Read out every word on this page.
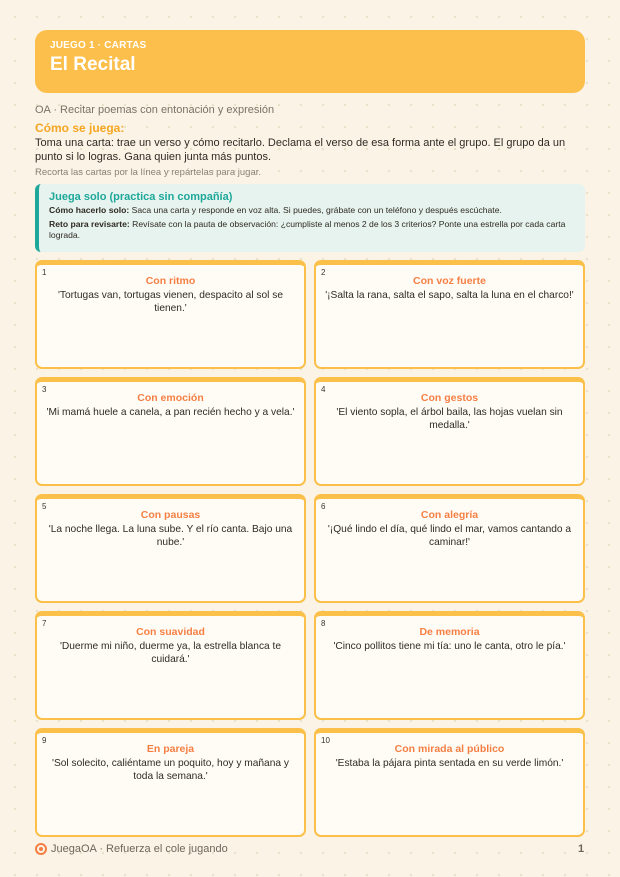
JUEGO 1 · CARTAS
El Recital
OA · Recitar poemas con entonación y expresión
Cómo se juega:
Toma una carta: trae un verso y cómo recitarlo. Declama el verso de esa forma ante el grupo. El grupo da un punto si lo logras. Gana quien junta más puntos.
Recorta las cartas por la línea y repártelas para jugar.
Juega solo (practica sin compañía)
Cómo hacerlo solo: Saca una carta y responde en voz alta. Si puedes, grábate con un teléfono y después escúchate.
Reto para revisarte: Revísate con la pauta de observación: ¿cumpliste al menos 2 de los 3 criterios? Ponte una estrella por cada carta lograda.
1
Con ritmo
'Tortugas van, tortugas vienen, despacito al sol se tienen.'
2
Con voz fuerte
'¡Salta la rana, salta el sapo, salta la luna en el charco!'
3
Con emoción
'Mi mamá huele a canela, a pan recién hecho y a vela.'
4
Con gestos
'El viento sopla, el árbol baila, las hojas vuelan sin medalla.'
5
Con pausas
'La noche llega. La luna sube. Y el río canta. Bajo una nube.'
6
Con alegría
'¡Qué lindo el día, qué lindo el mar, vamos cantando a caminar!'
7
Con suavidad
'Duerme mi niño, duerme ya, la estrella blanca te cuidará.'
8
De memoria
'Cinco pollitos tiene mi tía: uno le canta, otro le pía.'
9
En pareja
'Sol solecito, caliéntame un poquito, hoy y mañana y toda la semana.'
10
Con mirada al público
'Estaba la pájara pinta sentada en su verde limón.'
JuegaOA · Refuerza el cole jugando	1
